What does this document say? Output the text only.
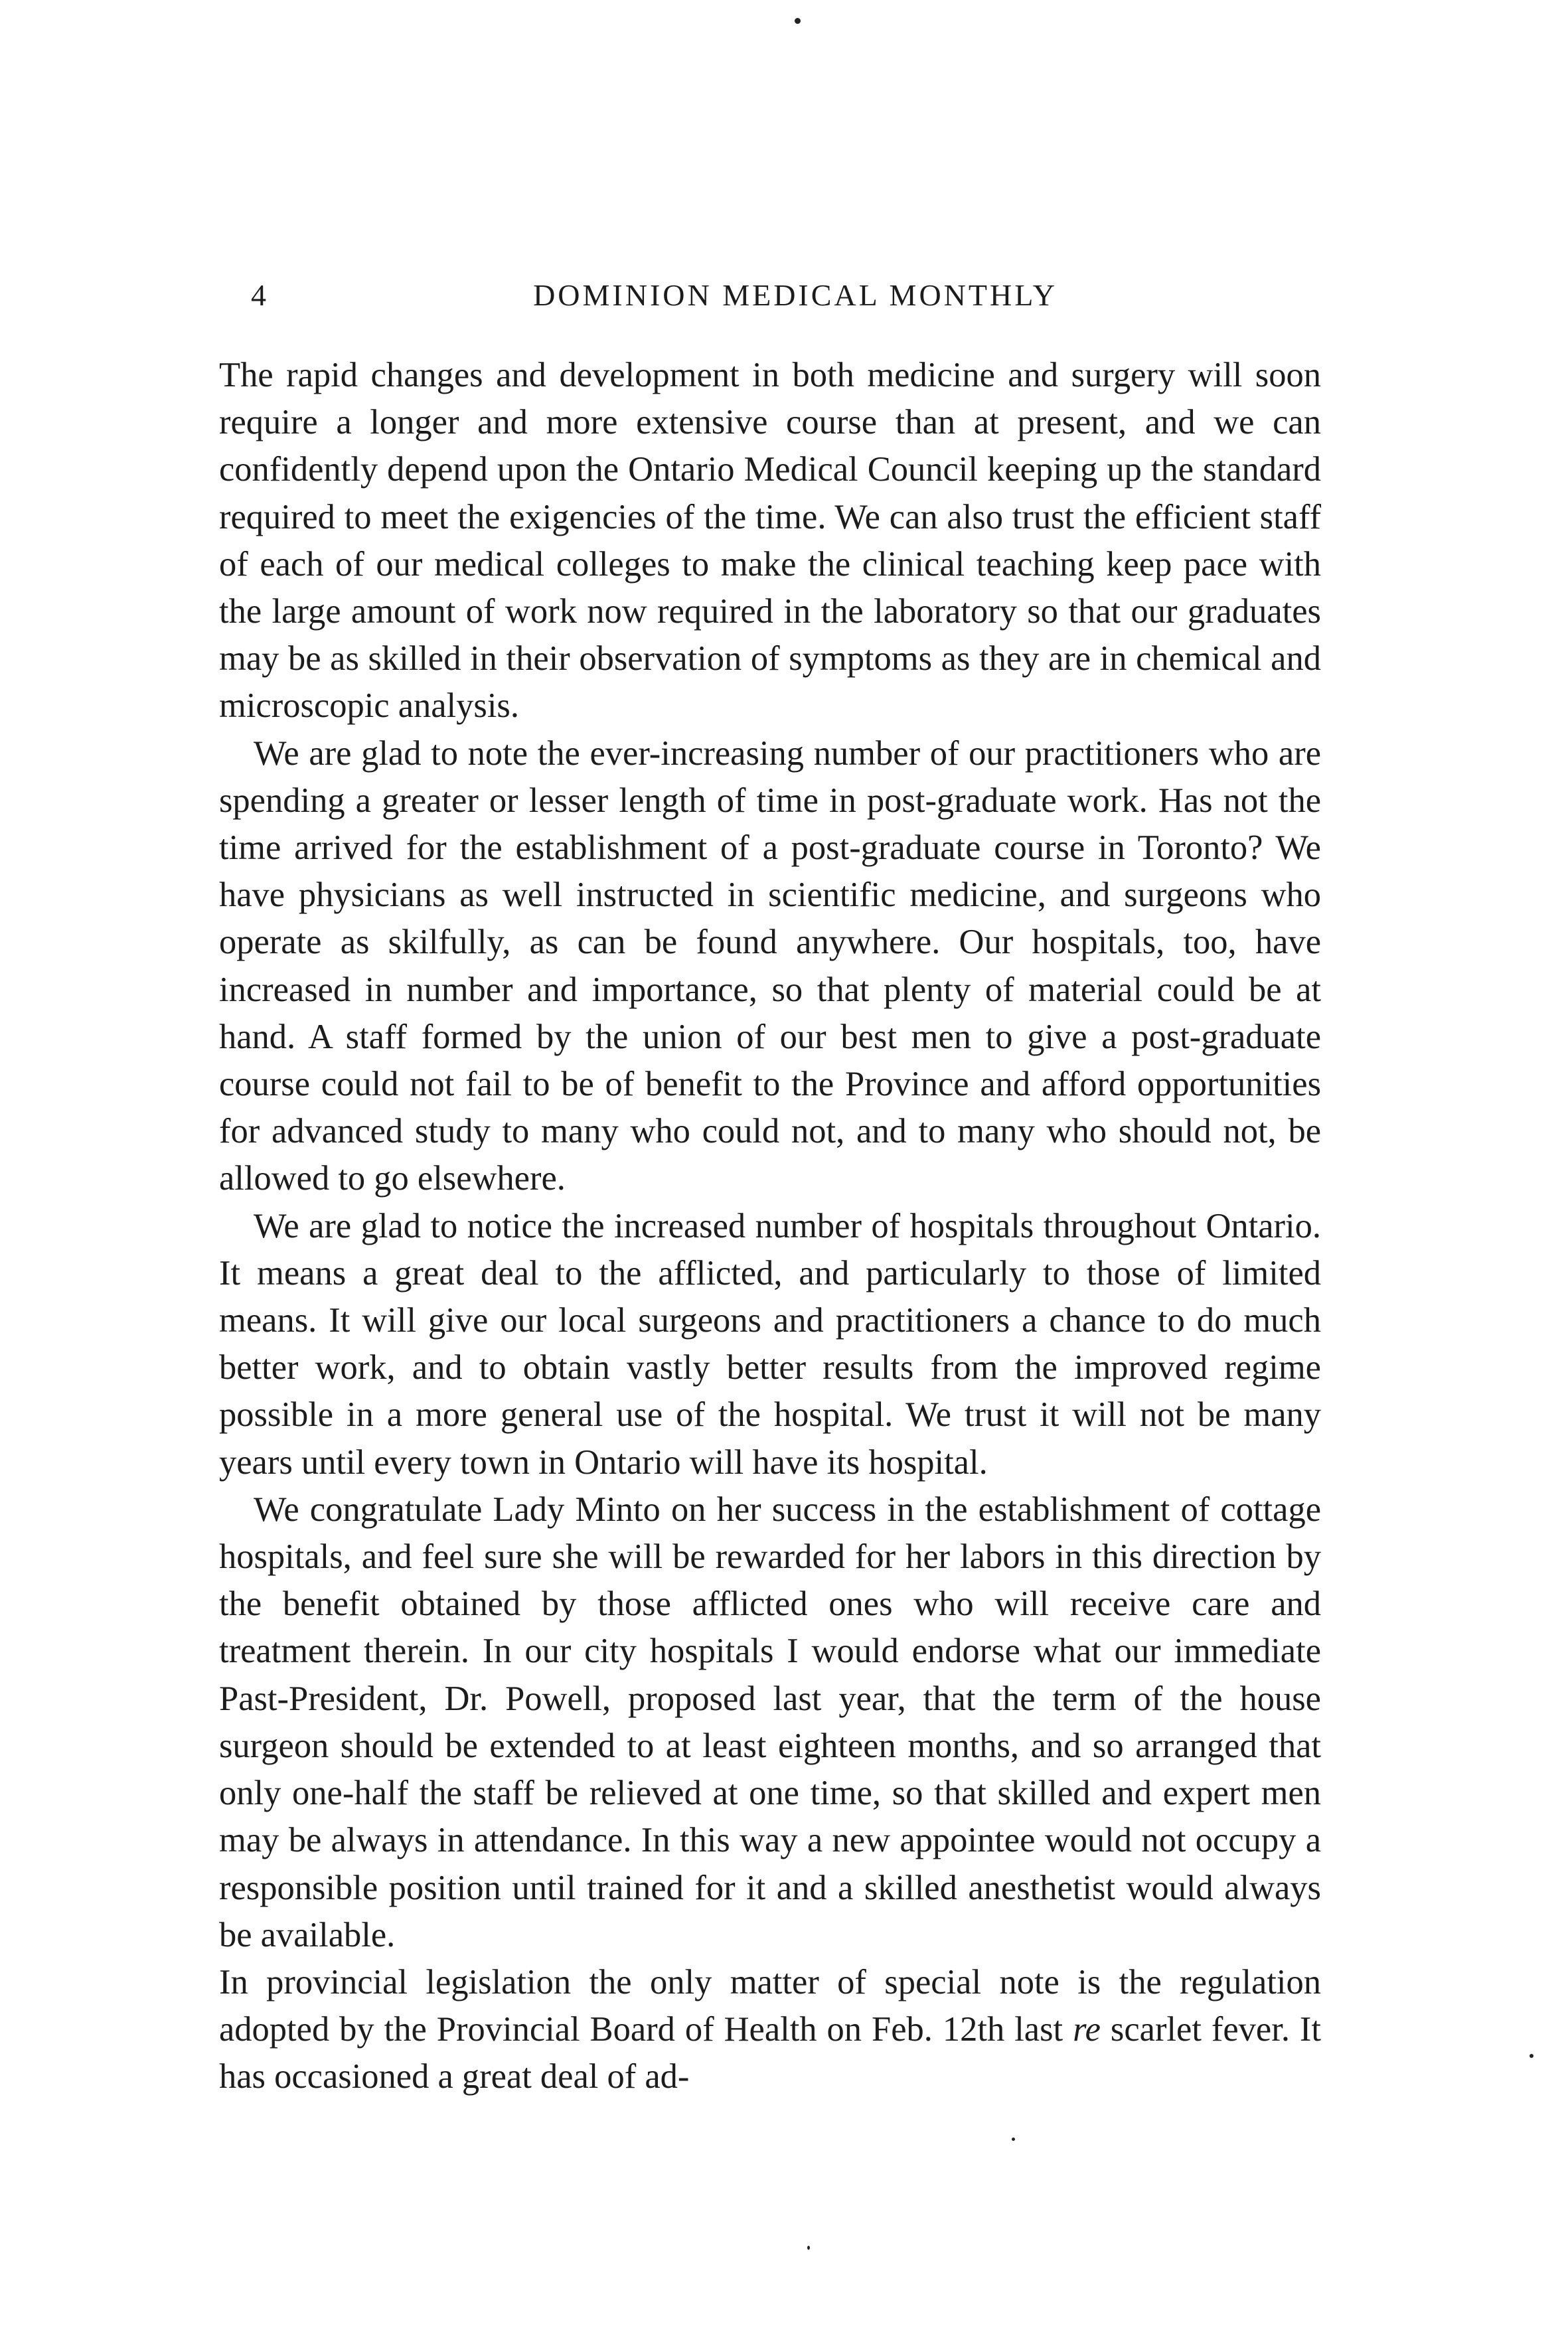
4	DOMINION MEDICAL MONTHLY

The rapid changes and development in both medicine and surgery will soon require a longer and more extensive course than at present, and we can confidently depend upon the Ontario Medical Council keeping up the standard required to meet the exigencies of the time. We can also trust the efficient staff of each of our medical colleges to make the clinical teaching keep pace with the large amount of work now required in the laboratory so that our graduates may be as skilled in their observation of symptoms as they are in chemical and microscopic analysis.

We are glad to note the ever-increasing number of our practitioners who are spending a greater or lesser length of time in post-graduate work. Has not the time arrived for the establishment of a post-graduate course in Toronto? We have physicians as well instructed in scientific medicine, and surgeons who operate as skilfully, as can be found anywhere. Our hospitals, too, have increased in number and importance, so that plenty of material could be at hand. A staff formed by the union of our best men to give a post-graduate course could not fail to be of benefit to the Province and afford opportunities for advanced study to many who could not, and to many who should not, be allowed to go elsewhere.

We are glad to notice the increased number of hospitals throughout Ontario. It means a great deal to the afflicted, and particularly to those of limited means. It will give our local surgeons and practitioners a chance to do much better work, and to obtain vastly better results from the improved regime possible in a more general use of the hospital. We trust it will not be many years until every town in Ontario will have its hospital.

We congratulate Lady Minto on her success in the establishment of cottage hospitals, and feel sure she will be rewarded for her labors in this direction by the benefit obtained by those afflicted ones who will receive care and treatment therein. In our city hospitals I would endorse what our immediate Past-President, Dr. Powell, proposed last year, that the term of the house surgeon should be extended to at least eighteen months, and so arranged that only one-half the staff be relieved at one time, so that skilled and expert men may be always in attendance. In this way a new appointee would not occupy a responsible position until trained for it and a skilled anesthetist would always be available.

In provincial legislation the only matter of special note is the regulation adopted by the Provincial Board of Health on Feb. 12th last re scarlet fever. It has occasioned a great deal of ad-
